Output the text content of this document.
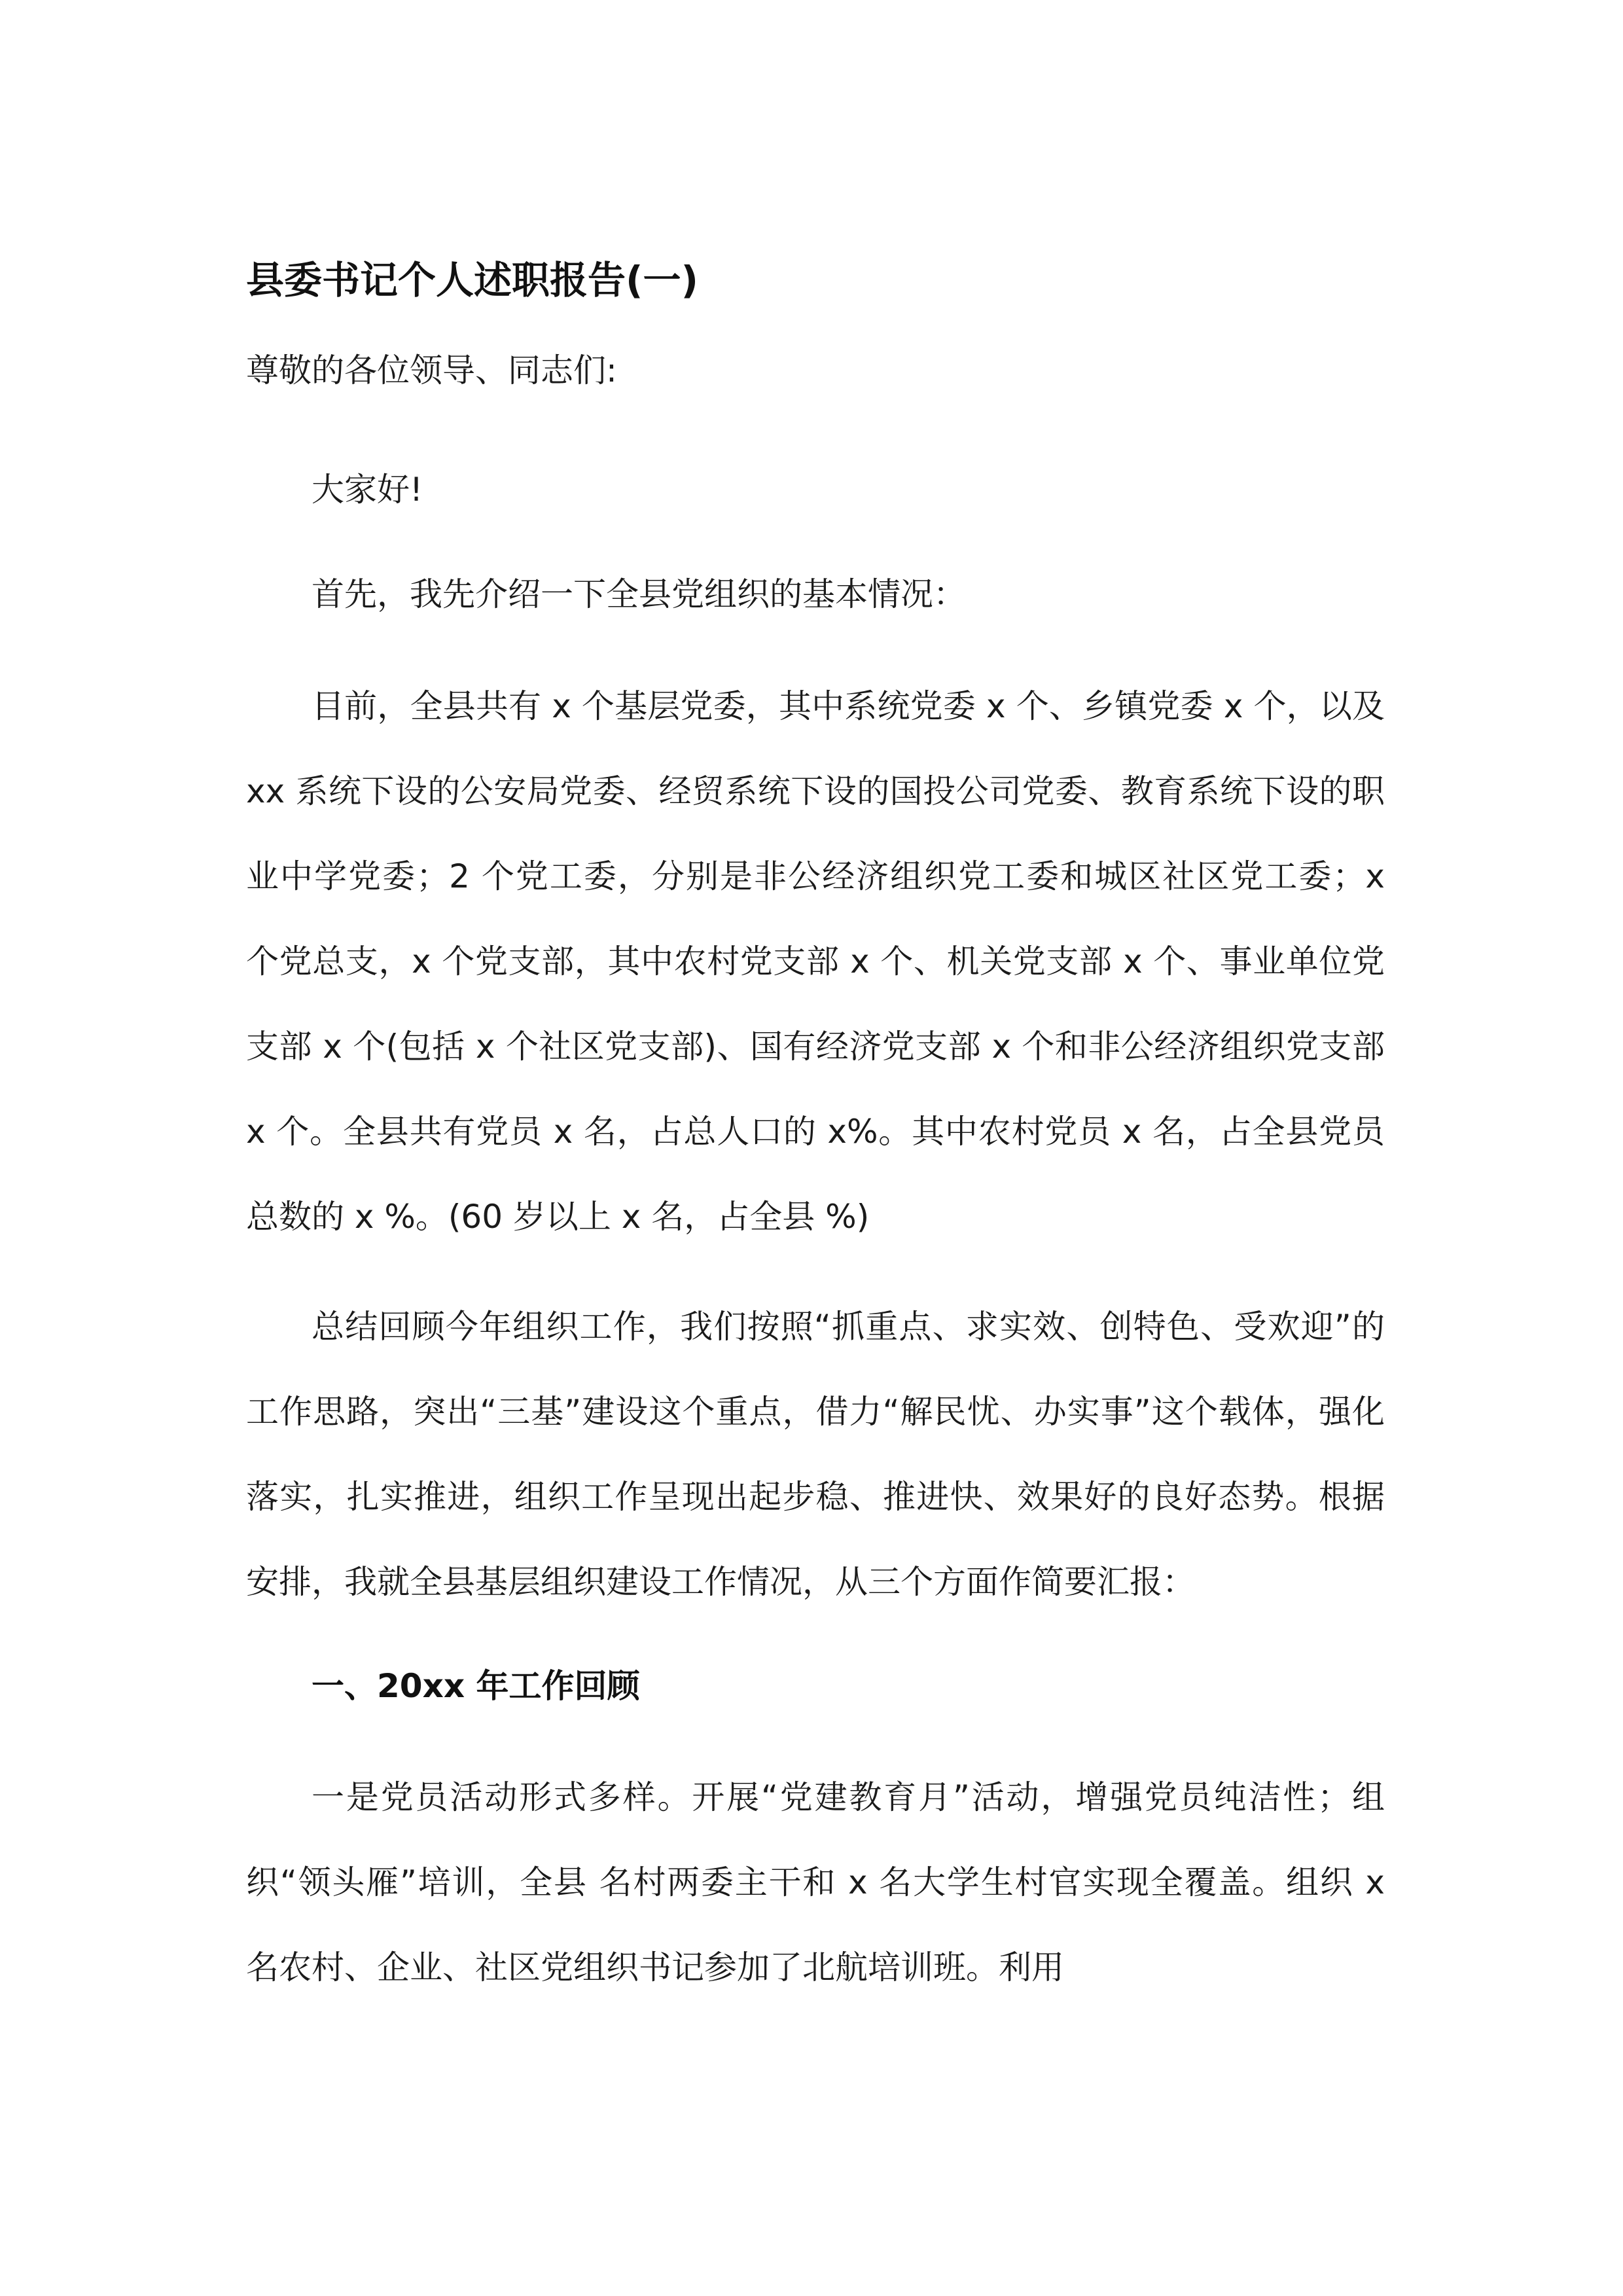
县委书记个人述职报告(一)
尊敬的各位领导、同志们:
大家好!
首先，我先介绍一下全县党组织的基本情况：
目前，全县共有 x 个基层党委，其中系统党委 x 个、乡镇党委 x 个，以及 xx 系统下设的公安局党委、经贸系统下设的国投公司党委、教育系统下设的职业中学党委；2 个党工委，分别是非公经济组织党工委和城区社区党工委；x 个党总支，x 个党支部，其中农村党支部 x 个、机关党支部 x 个、事业单位党支部 x 个(包括 x 个社区党支部)、国有经济党支部 x 个和非公经济组织党支部 x 个。全县共有党员 x 名，占总人口的 x%。其中农村党员 x 名，占全县党员总数的 x %。(60 岁以上 x 名，占全县 %)
总结回顾今年组织工作，我们按照“抓重点、求实效、创特色、受欢迎”的工作思路，突出“三基”建设这个重点，借力“解民忧、办实事”这个载体，强化落实，扎实推进，组织工作呈现出起步稳、推进快、效果好的良好态势。根据安排，我就全县基层组织建设工作情况，从三个方面作简要汇报：
一、20xx 年工作回顾
一是党员活动形式多样。开展“党建教育月”活动，增强党员纯洁性；组织“领头雁”培训，全县 名村两委主干和 x 名大学生村官实现全覆盖。组织 x 名农村、企业、社区党组织书记参加了北航培训班。利用
